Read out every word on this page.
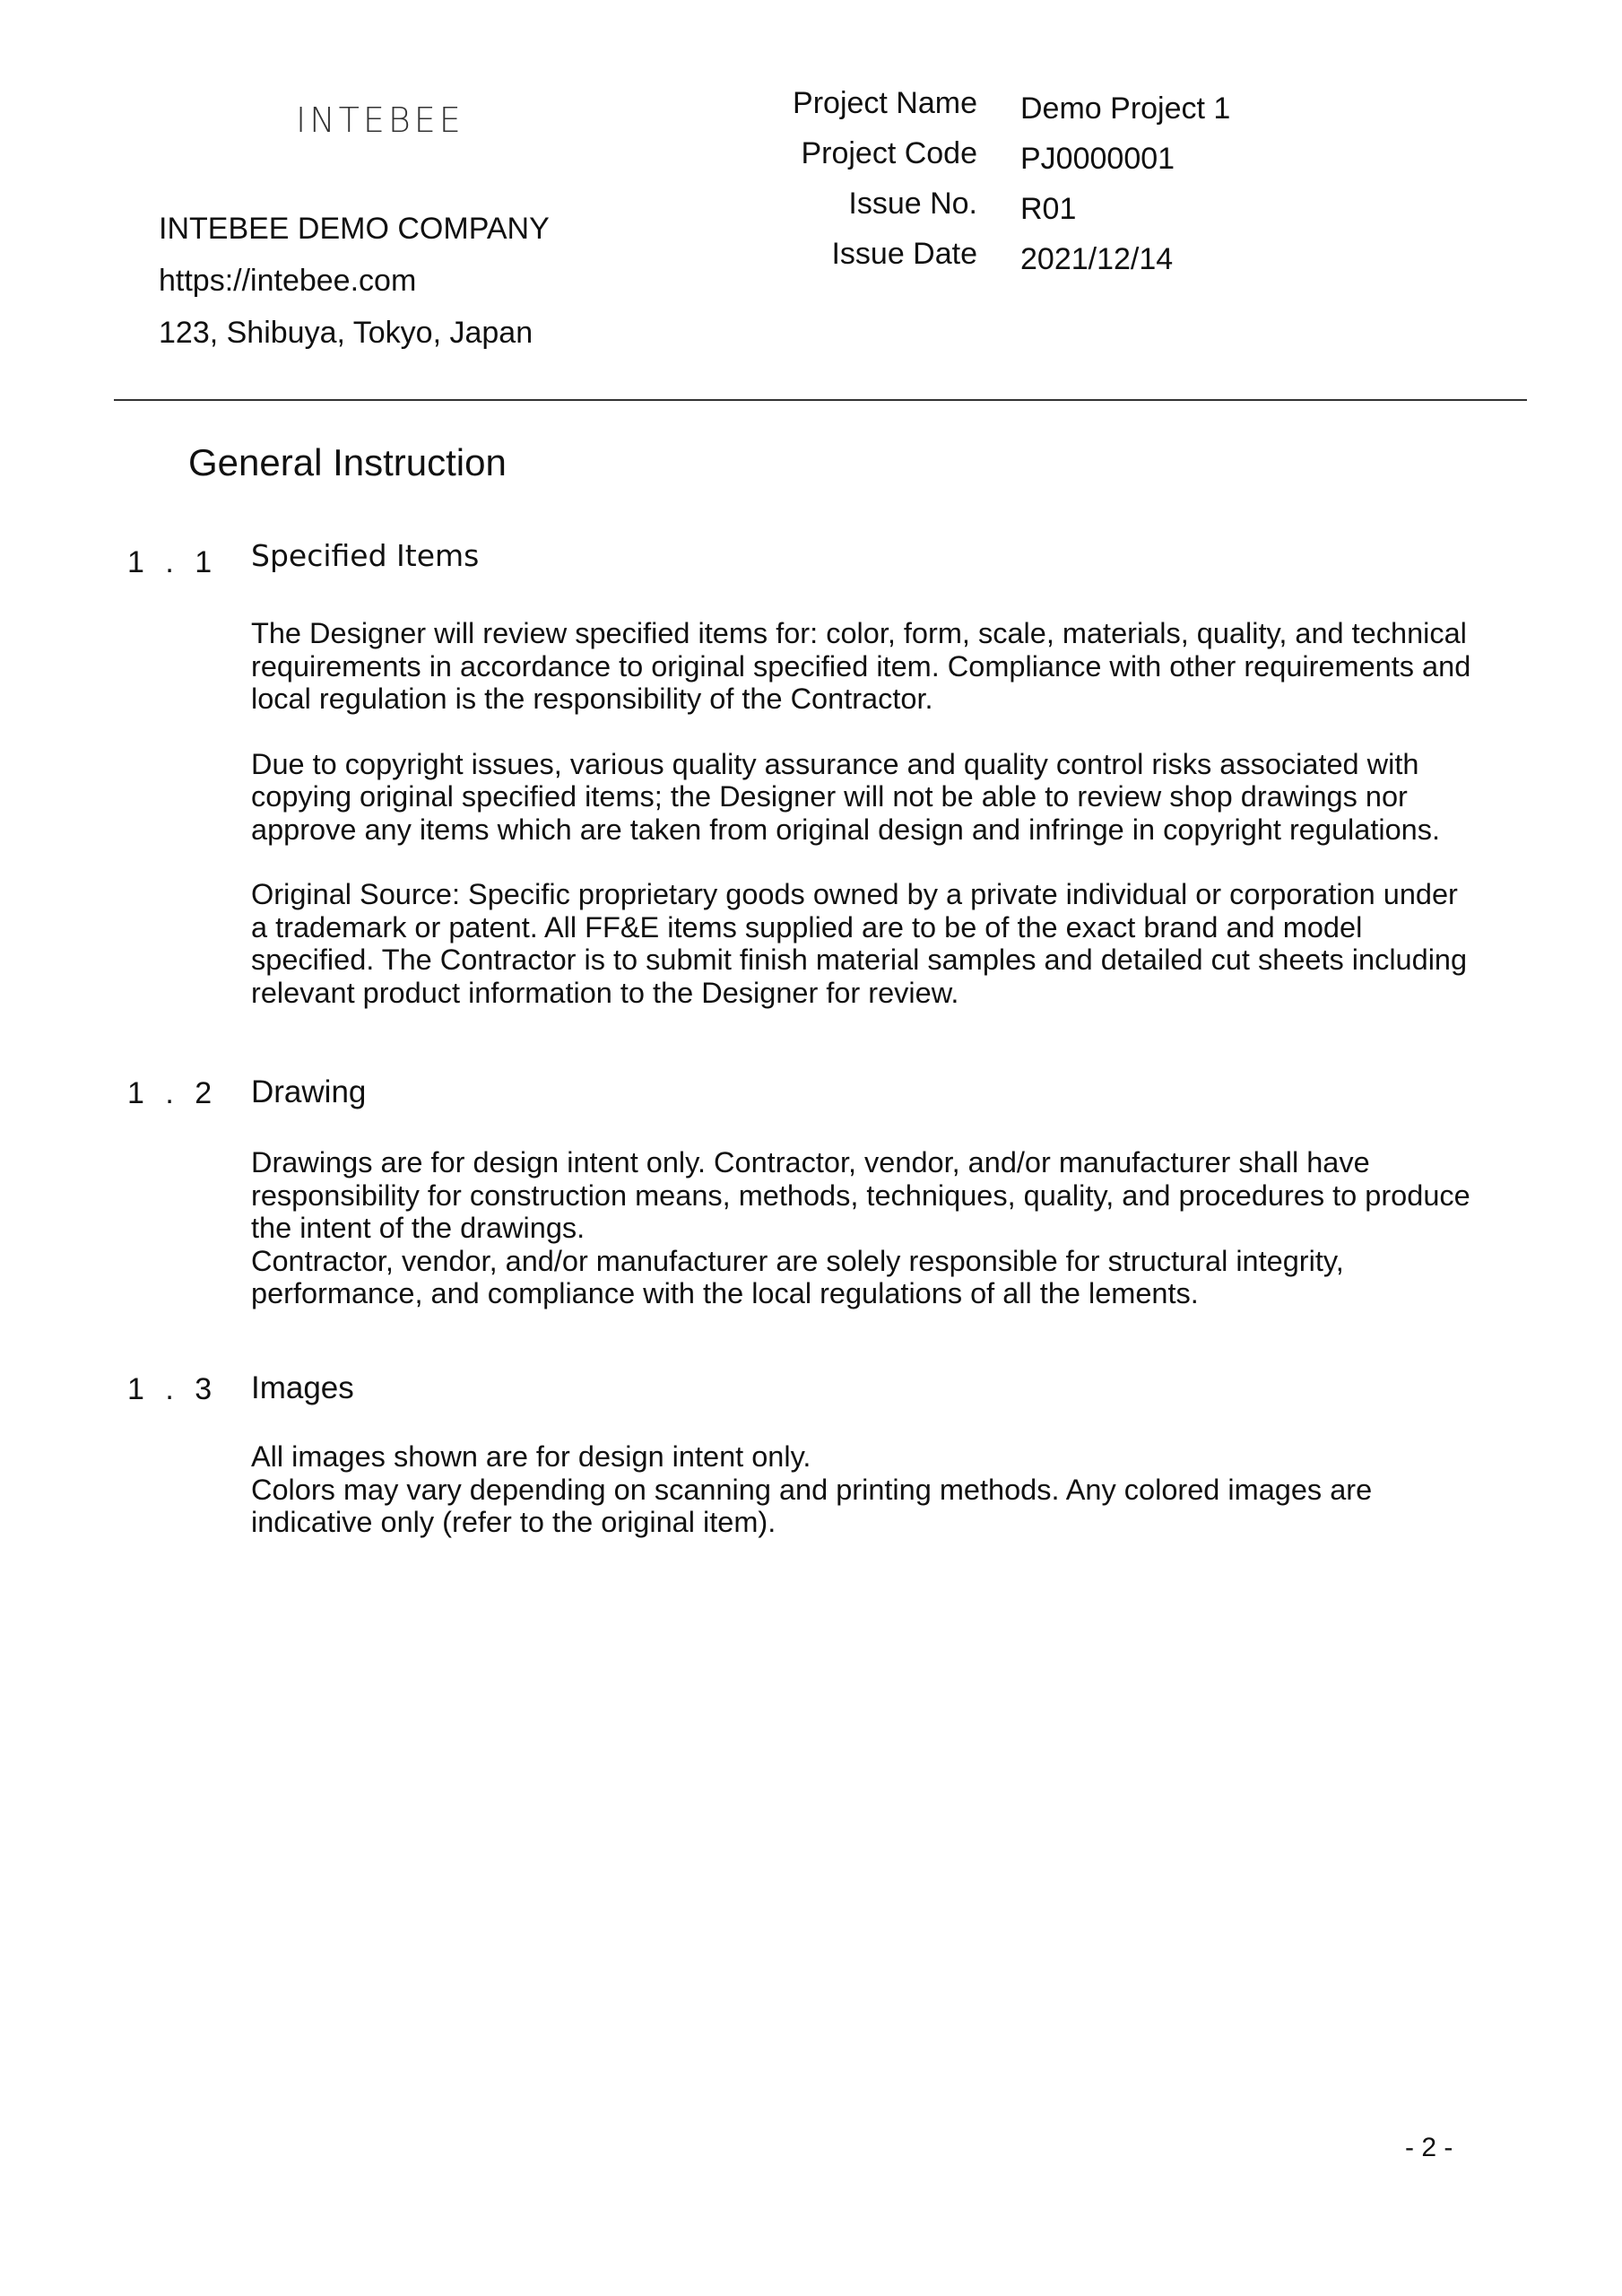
INTEBEE
INTEBEE DEMO COMPANY
https://intebee.com
123, Shibuya, Tokyo, Japan
Project Name Demo Project 1
Project Code PJ0000001
Issue No. R01
Issue Date 2021/12/14
General Instruction
1 . 1 Specified Items

The Designer will review specified items for: color, form, scale, materials, quality, and technical
requirements in accordance to original specified item. Compliance with other requirements and
local regulation is the responsibility of the Contractor.

Due to copyright issues, various quality assurance and quality control risks associated with
copying original specified items; the Designer will not be able to review shop drawings nor
approve any items which are taken from original design and infringe in copyright regulations.

Original Source: Specific proprietary goods owned by a private individual or corporation under
a trademark or patent. All FF&E items supplied are to be of the exact brand and model
specified. The Contractor is to submit finish material samples and detailed cut sheets including
relevant product information to the Designer for review.

1 . 2 Drawing

Drawings are for design intent only. Contractor, vendor, and/or manufacturer shall have
responsibility for construction means, methods, techniques, quality, and procedures to produce
the intent of the drawings.
Contractor, vendor, and/or manufacturer are solely responsible for structural integrity,
performance, and compliance with the local regulations of all the lements.

1 . 3 Images

All images shown are for design intent only.
Colors may vary depending on scanning and printing methods. Any colored images are
indicative only (refer to the original item).

- 2 -
